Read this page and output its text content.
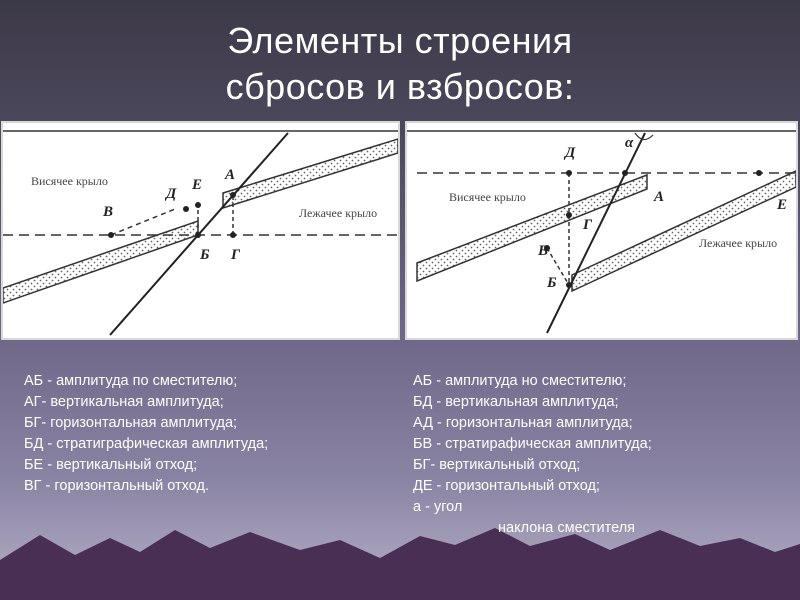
Элементы строения
сбросов и взбросов:
Висячее крыло
Лежачее крыло
В
Д
Е
А
Б Г
Висячее крыло
Лежачее крыло
Д
α
А
Г
В
Б
Е
АБ - амплитуда по сместителю;
АГ- вертикальная амплитуда;
БГ- горизонтальная амплитуда;
БД - стратиграфическая амплитуда;
БЕ - вертикальный отход;
ВГ - горизонтальный отход.
АБ - амплитуда но сместителю;
БД - вертикальная амплитуда;
АД - горизонтальная амплитуда;
БВ - стратирафическая амплитуда;
БГ- вертикальный отход;
ДЕ - горизонтальный отход;
а - угол
наклона сместителя
